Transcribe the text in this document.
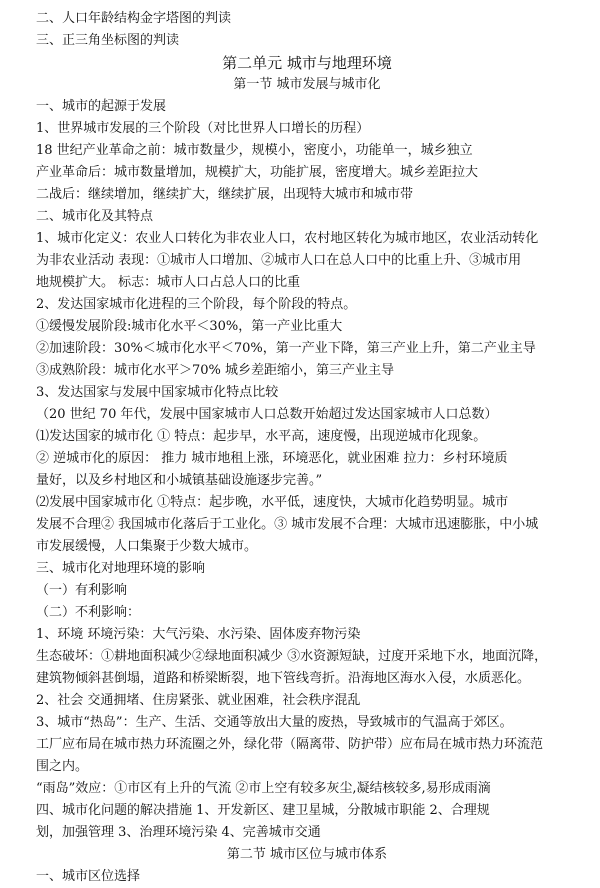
二、人口年龄结构金字塔图的判读
三、正三角坐标图的判读
第二单元 城市与地理环境
第一节 城市发展与城市化
一、城市的起源于发展
1、世界城市发展的三个阶段（对比世界人口增长的历程）
18 世纪产业革命之前：城市数量少，规模小，密度小，功能单一，城乡独立
产业革命后：城市数量增加，规模扩大，功能扩展，密度增大。城乡差距拉大
二战后：继续增加，继续扩大，继续扩展，出现特大城市和城市带
二、城市化及其特点
1、城市化定义：农业人口转化为非农业人口，农村地区转化为城市地区，农业活动转化
为非农业活动 表现：①城市人口增加、②城市人口在总人口中的比重上升、③城市用
地规模扩大。 标志：城市人口占总人口的比重
2、发达国家城市化进程的三个阶段，每个阶段的特点。
①缓慢发展阶段:城市化水平＜30%，第一产业比重大
②加速阶段：30%＜城市化水平＜70%，第一产业下降，第三产业上升，第二产业主导
③成熟阶段：城市化水平＞70% 城乡差距缩小，第三产业主导
3、发达国家与发展中国家城市化特点比较
（20 世纪 70 年代，发展中国家城市人口总数开始超过发达国家城市人口总数）
⑴发达国家的城市化 ① 特点：起步早，水平高，速度慢，出现逆城市化现象。
② 逆城市化的原因： 推力 城市地租上涨，环境恶化，就业困难 拉力：乡村环境质
量好，以及乡村地区和小城镇基础设施逐步完善。”
⑵发展中国家城市化 ①特点：起步晚，水平低，速度快，大城市化趋势明显。城市
发展不合理② 我国城市化落后于工业化。③ 城市发展不合理：大城市迅速膨胀，中小城
市发展缓慢，人口集聚于少数大城市。
三、城市化对地理环境的影响
（一）有利影响
（二）不利影响：
1、环境 环境污染：大气污染、水污染、固体废弃物污染
生态破坏：①耕地面积减少②绿地面积减少 ③水资源短缺，过度开采地下水，地面沉降，
建筑物倾斜甚倒塌，道路和桥梁断裂，地下管线弯折。沿海地区海水入侵，水质恶化。
2、社会 交通拥堵、住房紧张、就业困难，社会秩序混乱
3、城市“热岛”：生产、生活、交通等放出大量的废热，导致城市的气温高于郊区。
工厂应布局在城市热力环流圈之外，绿化带（隔离带、防护带）应布局在城市热力环流范
围之内。
“雨岛”效应：①市区有上升的气流 ②市上空有较多灰尘,凝结核较多,易形成雨滴
四、城市化问题的解决措施 1、开发新区、建卫星城，分散城市职能 2、合理规
划，加强管理 3、治理环境污染 4、完善城市交通
第二节 城市区位与城市体系
一、城市区位选择
